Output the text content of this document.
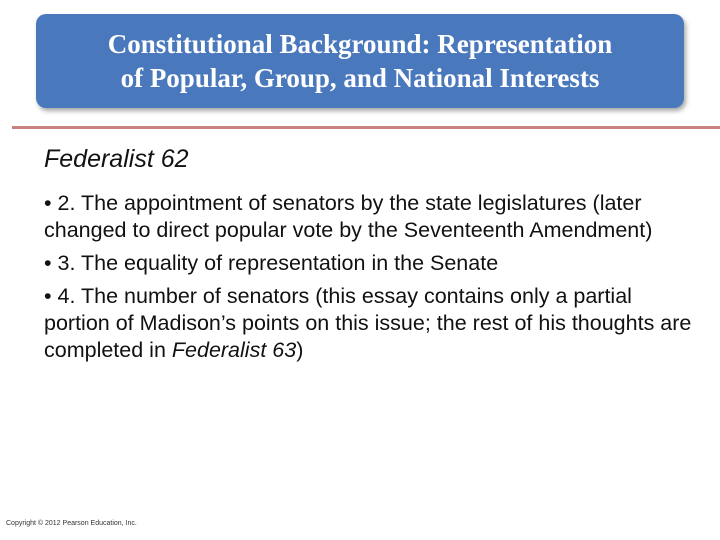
Constitutional Background: Representation
of Popular, Group, and National Interests
Federalist 62
• 2. The appointment of senators by the state legislatures (later changed to direct popular vote by the Seventeenth Amendment)
• 3. The equality of representation in the Senate
• 4. The number of senators (this essay contains only a partial portion of Madison’s points on this issue; the rest of his thoughts are completed in Federalist 63)
Copyright © 2012 Pearson Education, Inc.
